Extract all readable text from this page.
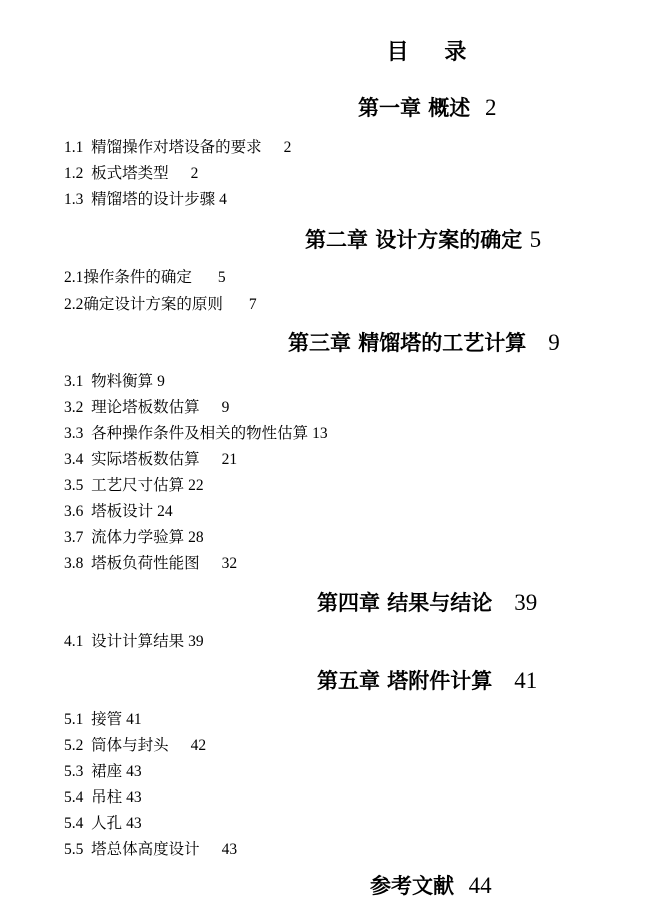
目 录
第一章 概述 2
1.1 精馏操作对塔设备的要求 2
1.2 板式塔类型 2
1.3 精馏塔的设计步骤 4
第二章 设计方案的确定 5
2.1操作条件的确定 5
2.2确定设计方案的原则 7
第三章 精馏塔的工艺计算 9
3.1 物料衡算 9
3.2 理论塔板数估算 9
3.3 各种操作条件及相关的物性估算 13
3.4 实际塔板数估算 21
3.5 工艺尺寸估算 22
3.6 塔板设计 24
3.7 流体力学验算 28
3.8 塔板负荷性能图 32
第四章 结果与结论 39
4.1 设计计算结果 39
第五章 塔附件计算 41
5.1 接管 41
5.2 筒体与封头 42
5.3 裙座 43
5.4 吊柱 43
5.4 人孔 43
5.5 塔总体高度设计 43
参考文献 44
